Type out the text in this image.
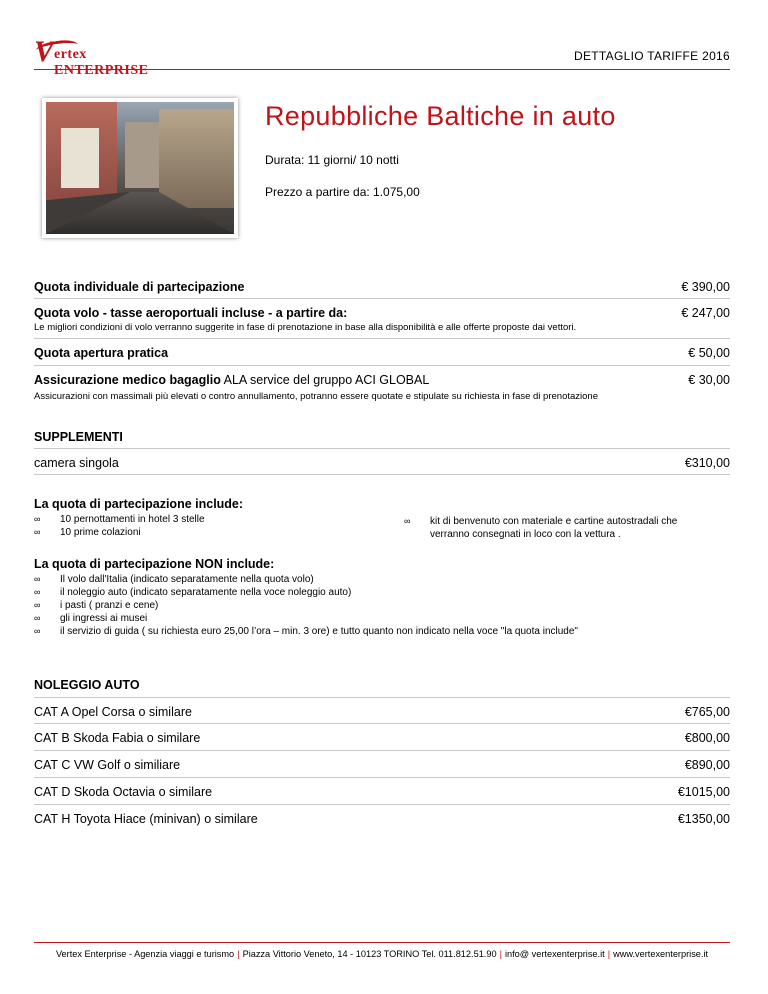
V ertex ENTERPRISE
DETTAGLIO TARIFFE 2016
Repubbliche Baltiche in auto
Durata: 11 giorni/ 10 notti
Prezzo a partire da: 1.075,00
Quota individuale di partecipazione	€ 390,00
Quota volo - tasse aeroportuali incluse - a partire da:	€ 247,00
Le migliori condizioni di volo verranno suggerite in fase di prenotazione in base alla disponibilità e alle offerte proposte dai vettori.
Quota apertura pratica	€ 50,00
Assicurazione medico bagaglio ALA service del gruppo ACI GLOBAL	€ 30,00
Assicurazioni con massimali più elevati o contro annullamento, potranno essere quotate e stipulate su richiesta in fase di prenotazione
SUPPLEMENTI
camera singola	€310,00
La quota di partecipazione include:
∞ 10 pernottamenti in hotel 3 stelle
∞ 10 prime colazioni
∞ kit di benvenuto con materiale e cartine autostradali che verranno consegnati in loco con la vettura .
La quota di partecipazione NON include:
∞ Il volo dall'Italia (indicato separatamente nella quota volo)
∞ il noleggio auto (indicato separatamente nella voce noleggio auto)
∞ i pasti ( pranzi e cene)
∞ gli ingressi ai musei
∞ il servizio di guida ( su richiesta euro 25,00 l’ora – min. 3 ore) e tutto quanto non indicato nella voce "la quota include"
NOLEGGIO AUTO
CAT A Opel Corsa o similare	€765,00
CAT B Skoda Fabia o similare	€800,00
CAT C VW Golf o similiare	€890,00
CAT D Skoda Octavia o similare	€1015,00
CAT H Toyota Hiace (minivan) o similare	€1350,00
Vertex Enterprise - Agenzia viaggi e turismo | Piazza Vittorio Veneto, 14 - 10123 TORINO Tel. 011.812.51.90 | info@ vertexenterprise.it | www.vertexenterprise.it
